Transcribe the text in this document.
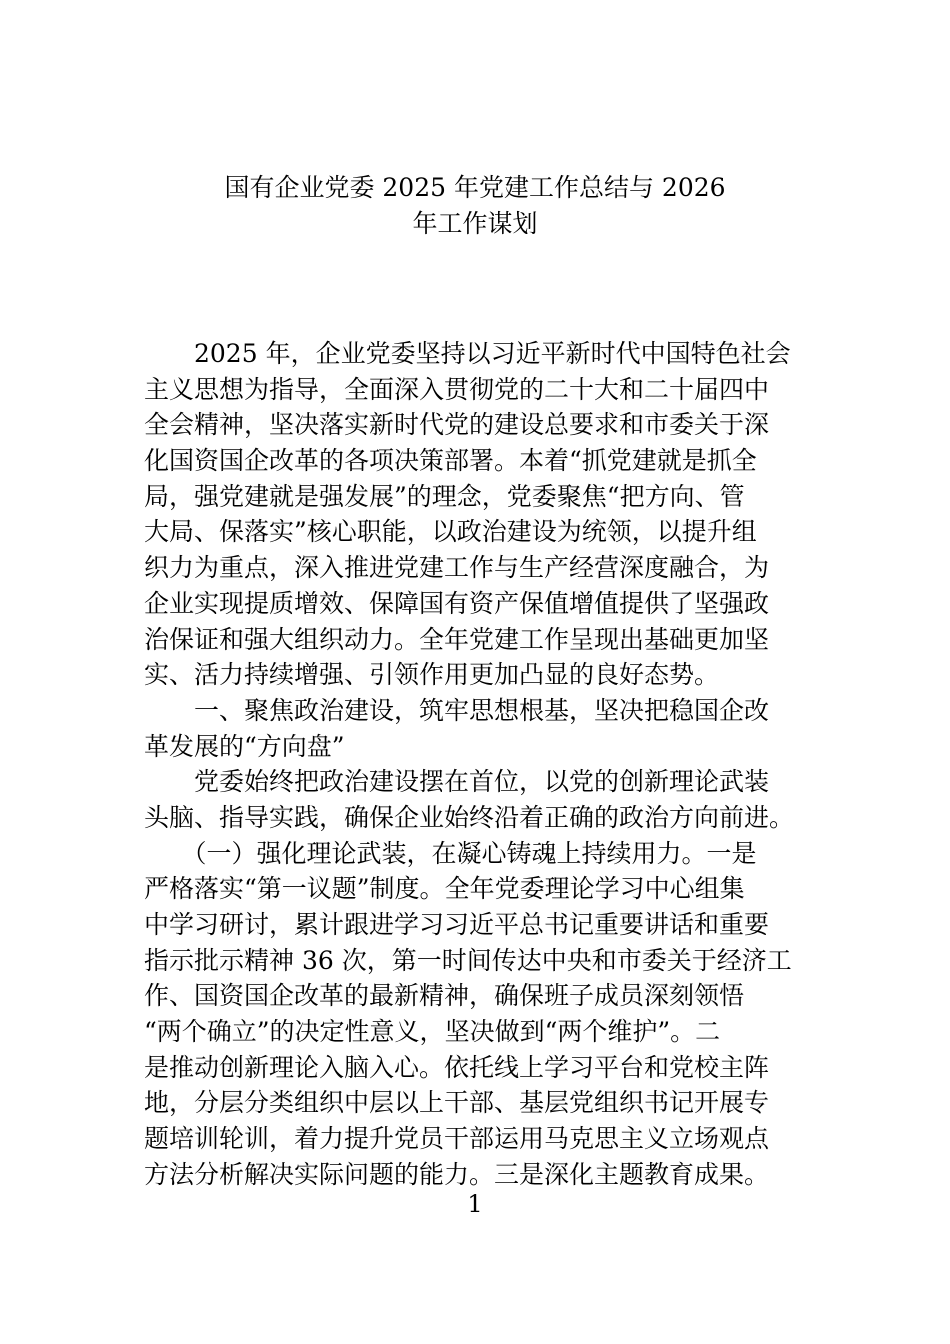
国有企业党委 2025 年党建工作总结与 2026
年工作谋划
　　2025 年，企业党委坚持以习近平新时代中国特色社会
主义思想为指导，全面深入贯彻党的二十大和二十届四中
全会精神，坚决落实新时代党的建设总要求和市委关于深
化国资国企改革的各项决策部署。本着“抓党建就是抓全
局，强党建就是强发展”的理念，党委聚焦“把方向、管
大局、保落实”核心职能，以政治建设为统领，以提升组
织力为重点，深入推进党建工作与生产经营深度融合，为
企业实现提质增效、保障国有资产保值增值提供了坚强政
治保证和强大组织动力。全年党建工作呈现出基础更加坚
实、活力持续增强、引领作用更加凸显的良好态势。
　　一、聚焦政治建设，筑牢思想根基，坚决把稳国企改
革发展的“方向盘”
　　党委始终把政治建设摆在首位，以党的创新理论武装
头脑、指导实践，确保企业始终沿着正确的政治方向前进。
　　（一）强化理论武装，在凝心铸魂上持续用力。一是
严格落实“第一议题”制度。全年党委理论学习中心组集
中学习研讨，累计跟进学习习近平总书记重要讲话和重要
指示批示精神 36 次，第一时间传达中央和市委关于经济工
作、国资国企改革的最新精神，确保班子成员深刻领悟
“两个确立”的决定性意义，坚决做到“两个维护”。二
是推动创新理论入脑入心。依托线上学习平台和党校主阵
地，分层分类组织中层以上干部、基层党组织书记开展专
题培训轮训，着力提升党员干部运用马克思主义立场观点
方法分析解决实际问题的能力。三是深化主题教育成果。
1
